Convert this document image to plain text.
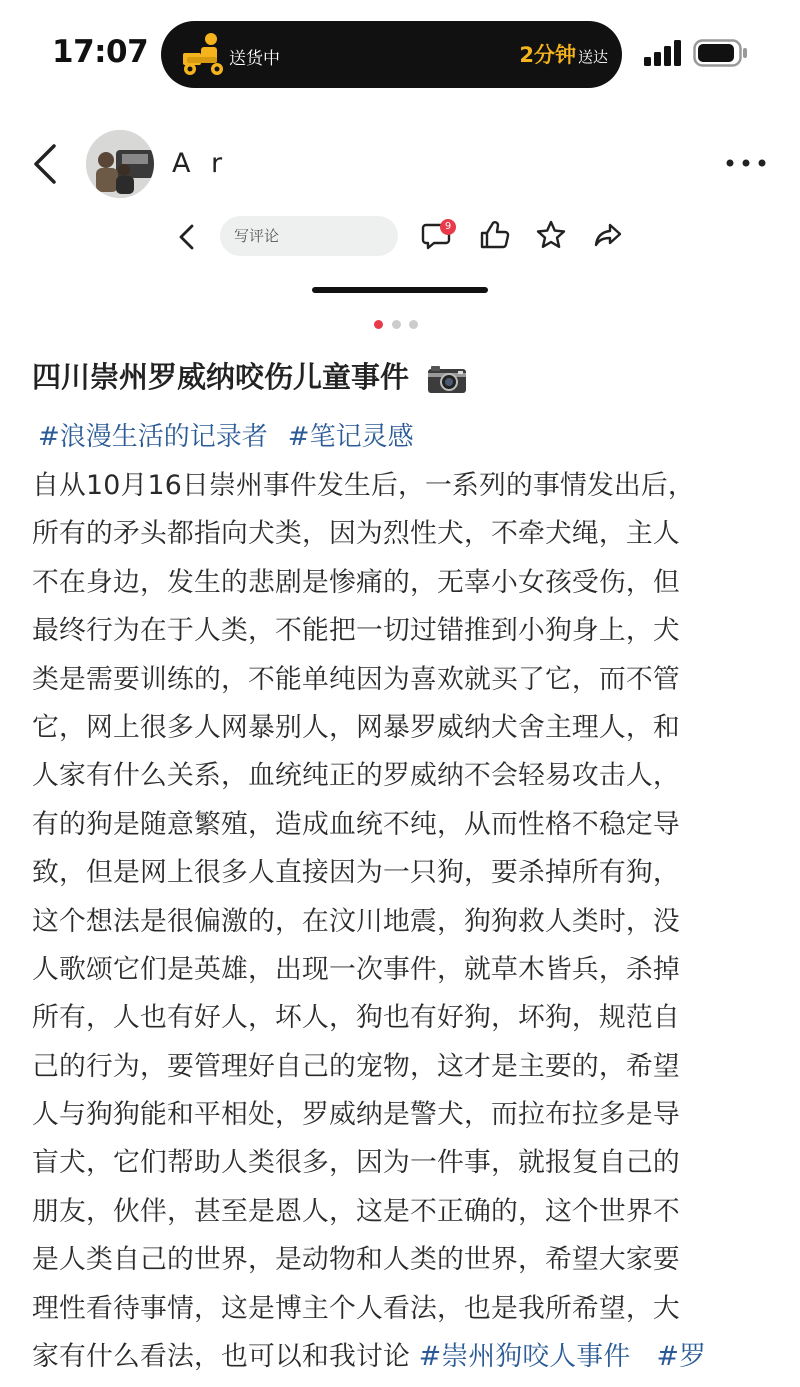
17:07	送货中	2分钟 送达
A r
写评论
9
四川崇州罗威纳咬伤儿童事件
#浪漫生活的记录者 #笔记灵感
自从10月16日崇州事件发生后，一系列的事情发出后，
所有的矛头都指向犬类，因为烈性犬，不牵犬绳，主人
不在身边，发生的悲剧是惨痛的，无辜小女孩受伤，但
最终行为在于人类，不能把一切过错推到小狗身上，犬
类是需要训练的，不能单纯因为喜欢就买了它，而不管
它，网上很多人网暴别人，网暴罗威纳犬舍主理人，和
人家有什么关系，血统纯正的罗威纳不会轻易攻击人，
有的狗是随意繁殖，造成血统不纯，从而性格不稳定导
致，但是网上很多人直接因为一只狗，要杀掉所有狗，
这个想法是很偏激的，在汶川地震，狗狗救人类时，没
人歌颂它们是英雄，出现一次事件，就草木皆兵，杀掉
所有，人也有好人，坏人，狗也有好狗，坏狗，规范自
己的行为，要管理好自己的宠物，这才是主要的，希望
人与狗狗能和平相处，罗威纳是警犬，而拉布拉多是导
盲犬，它们帮助人类很多，因为一件事，就报复自己的
朋友，伙伴，甚至是恩人，这是不正确的，这个世界不
是人类自己的世界，是动物和人类的世界，希望大家要
理性看待事情，这是博主个人看法，也是我所希望，大
家有什么看法，也可以和我讨论 #崇州狗咬人事件 #罗
